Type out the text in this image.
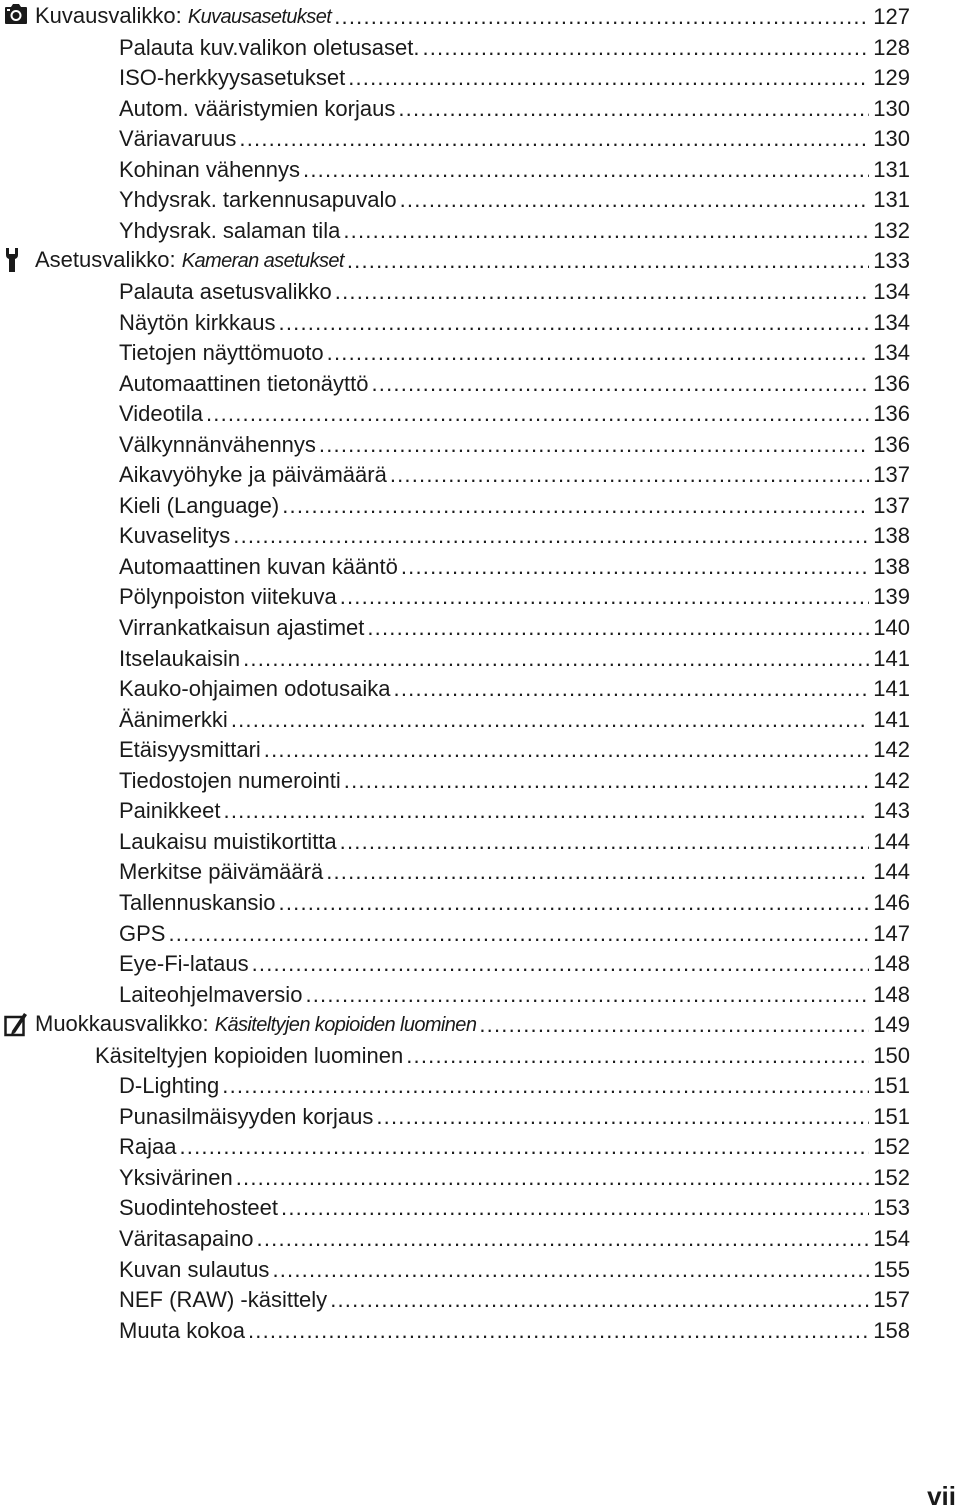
Kuvausvalikko: Kuvausasetukset .....	127
Palauta kuv.valikon oletusaset. .....	128
ISO-herkkyysasetukset .....	129
Autom. vääristymien korjaus .....	130
Väriavaruus .....	130
Kohinan vähennys .....	131
Yhdysrak. tarkennusapuvalo .....	131
Yhdysrak. salaman tila .....	132
Asetusvalikko: Kameran asetukset .....	133
Palauta asetusvalikko .....	134
Näytön kirkkaus .....	134
Tietojen näyttömuoto .....	134
Automaattinen tietonäyttö .....	136
Videotila .....	136
Välkynnänvähennys .....	136
Aikavyöhyke ja päivämäärä .....	137
Kieli (Language) .....	137
Kuvaselitys .....	138
Automaattinen kuvan kääntö .....	138
Pölynpoiston viitekuva .....	139
Virrankatkaisun ajastimet .....	140
Itselaukaisin .....	141
Kauko-ohjaimen odotusaika .....	141
Äänimerkki .....	141
Etäisyysmittari .....	142
Tiedostojen numerointi .....	142
Painikkeet .....	143
Laukaisu muistikortitta .....	144
Merkitse päivämäärä .....	144
Tallennuskansio .....	146
GPS .....	147
Eye-Fi-lataus .....	148
Laiteohjelmaversio .....	148
Muokkausvalikko: Käsiteltyjen kopioiden luominen .....	149
Käsiteltyjen kopioiden luominen .....	150
D-Lighting .....	151
Punasilmäisyyden korjaus .....	151
Rajaa .....	152
Yksivärinen .....	152
Suodintehosteet .....	153
Väritasapaino .....	154
Kuvan sulautus .....	155
NEF (RAW) -käsittely .....	157
Muuta kokoa .....	158
vii
